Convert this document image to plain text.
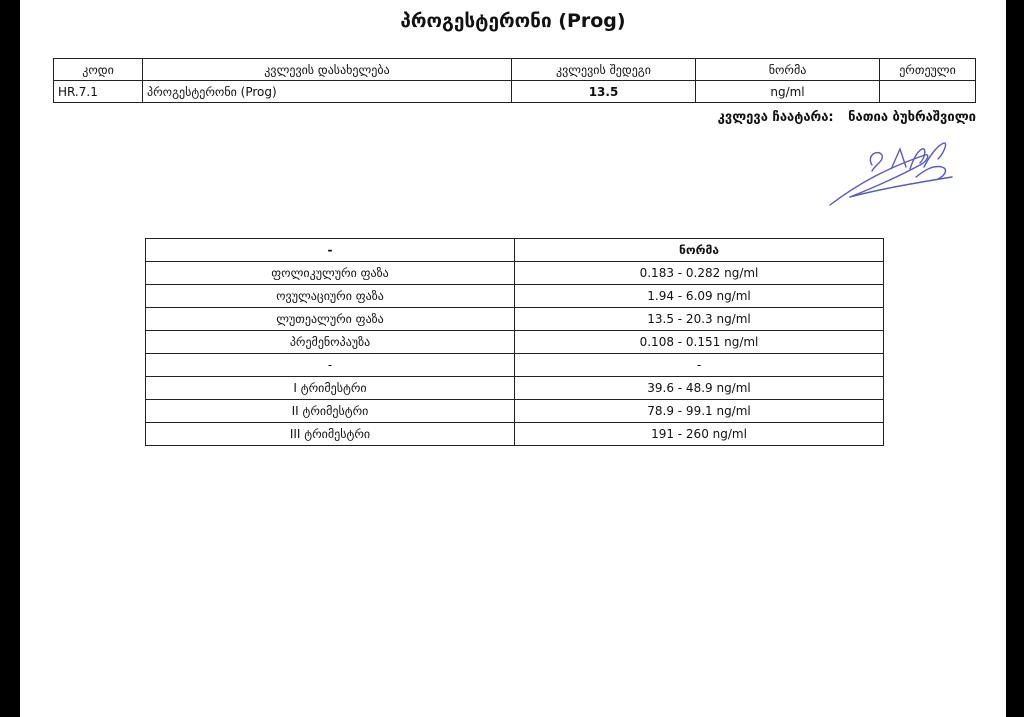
პროგესტერონი (Prog)
კოდი	კვლევის დასახელება	კვლევის შედეგი	ნორმა	ერთეული
HR.7.1	პროგესტერონი (Prog)	13.5	ng/ml	
კვლევა ჩაატარა: ნათია ბუხრაშვილი
-	ნორმა
ფოლიკულური ფაზა	0.183 - 0.282 ng/ml
ოვულაციური ფაზა	1.94 - 6.09 ng/ml
ლუთეალური ფაზა	13.5 - 20.3 ng/ml
პრემენოპაუზა	0.108 - 0.151 ng/ml
-	-
I ტრიმესტრი	39.6 - 48.9 ng/ml
II ტრიმესტრი	78.9 - 99.1 ng/ml
III ტრიმესტრი	191 - 260 ng/ml
